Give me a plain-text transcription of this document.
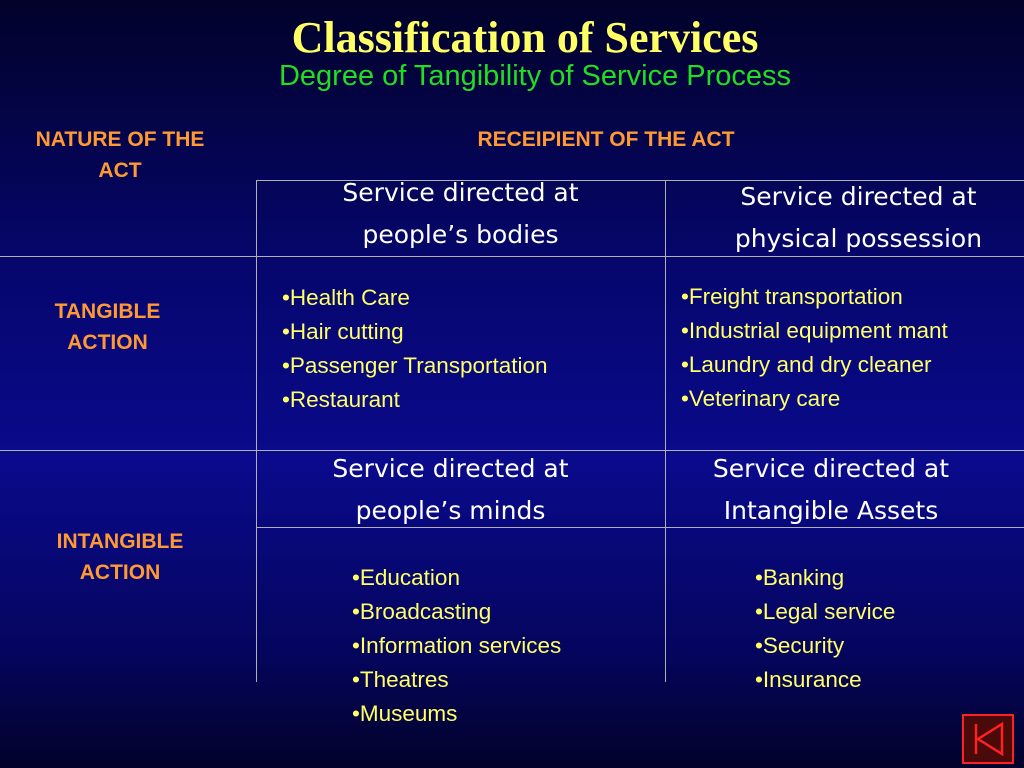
Classification of Services
Degree of Tangibility of Service Process
NATURE OF THE
ACT
RECEIPIENT OF THE ACT
TANGIBLE
ACTION
INTANGIBLE
ACTION
Service directed at
people’s bodies
Service directed at
physical possession
Service directed at
people’s minds
Service directed at
Intangible Assets
•Health Care
•Hair cutting
•Passenger Transportation
•Restaurant
•Freight transportation
•Industrial equipment mant
•Laundry and dry cleaner
•Veterinary care
•Education
•Broadcasting
•Information services
•Theatres
•Museums
•Banking
•Legal service
•Security
•Insurance
